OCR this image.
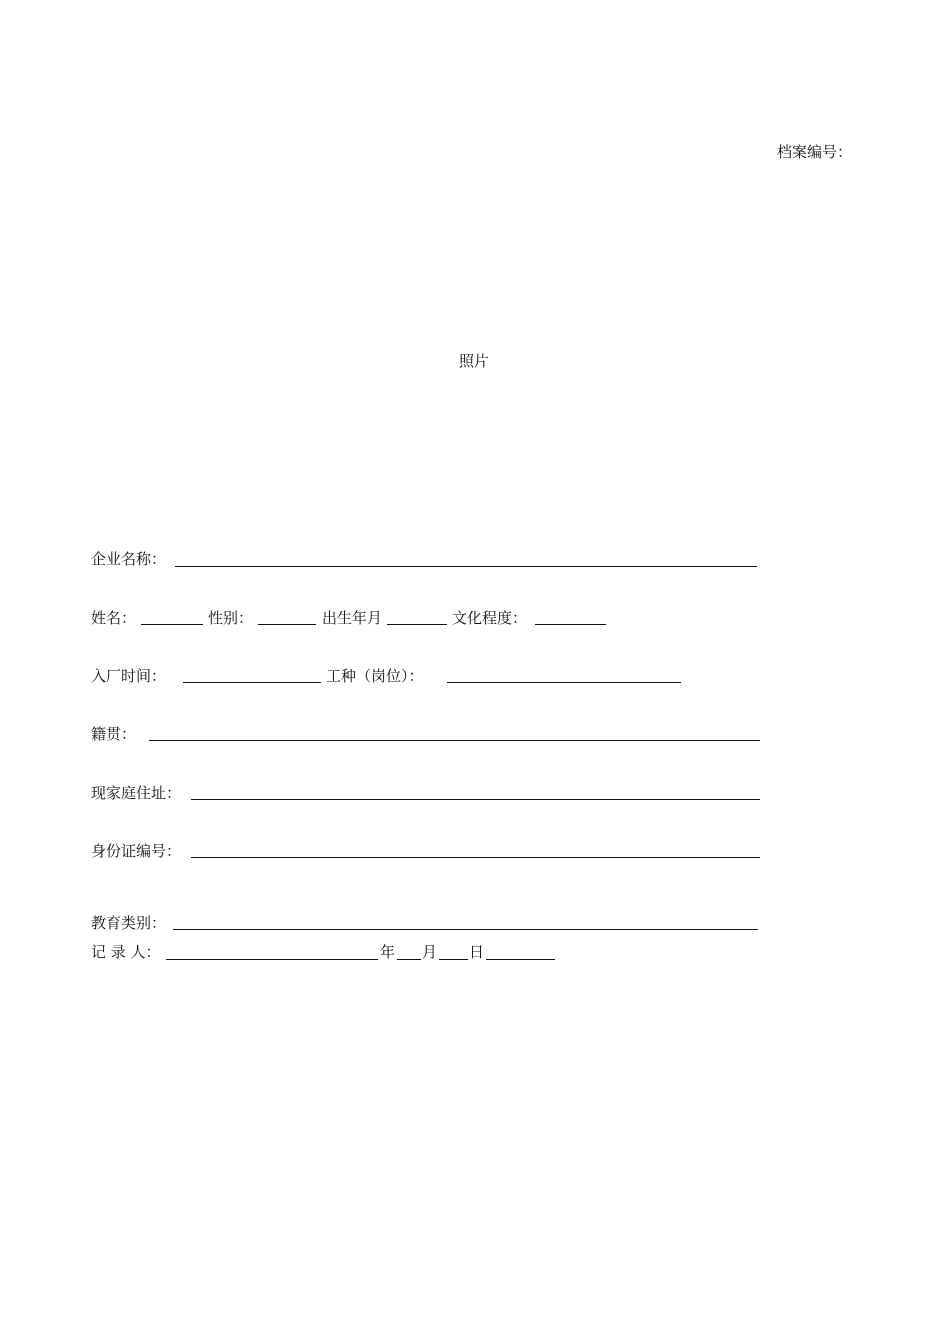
档案编号：
照片
企业名称：
姓名：	性别：	出生年月	文化程度：
入厂时间：	工种（岗位）：
籍贯：
现家庭住址：
身份证编号：
教育类别：
记 录 人：	年 月 日
